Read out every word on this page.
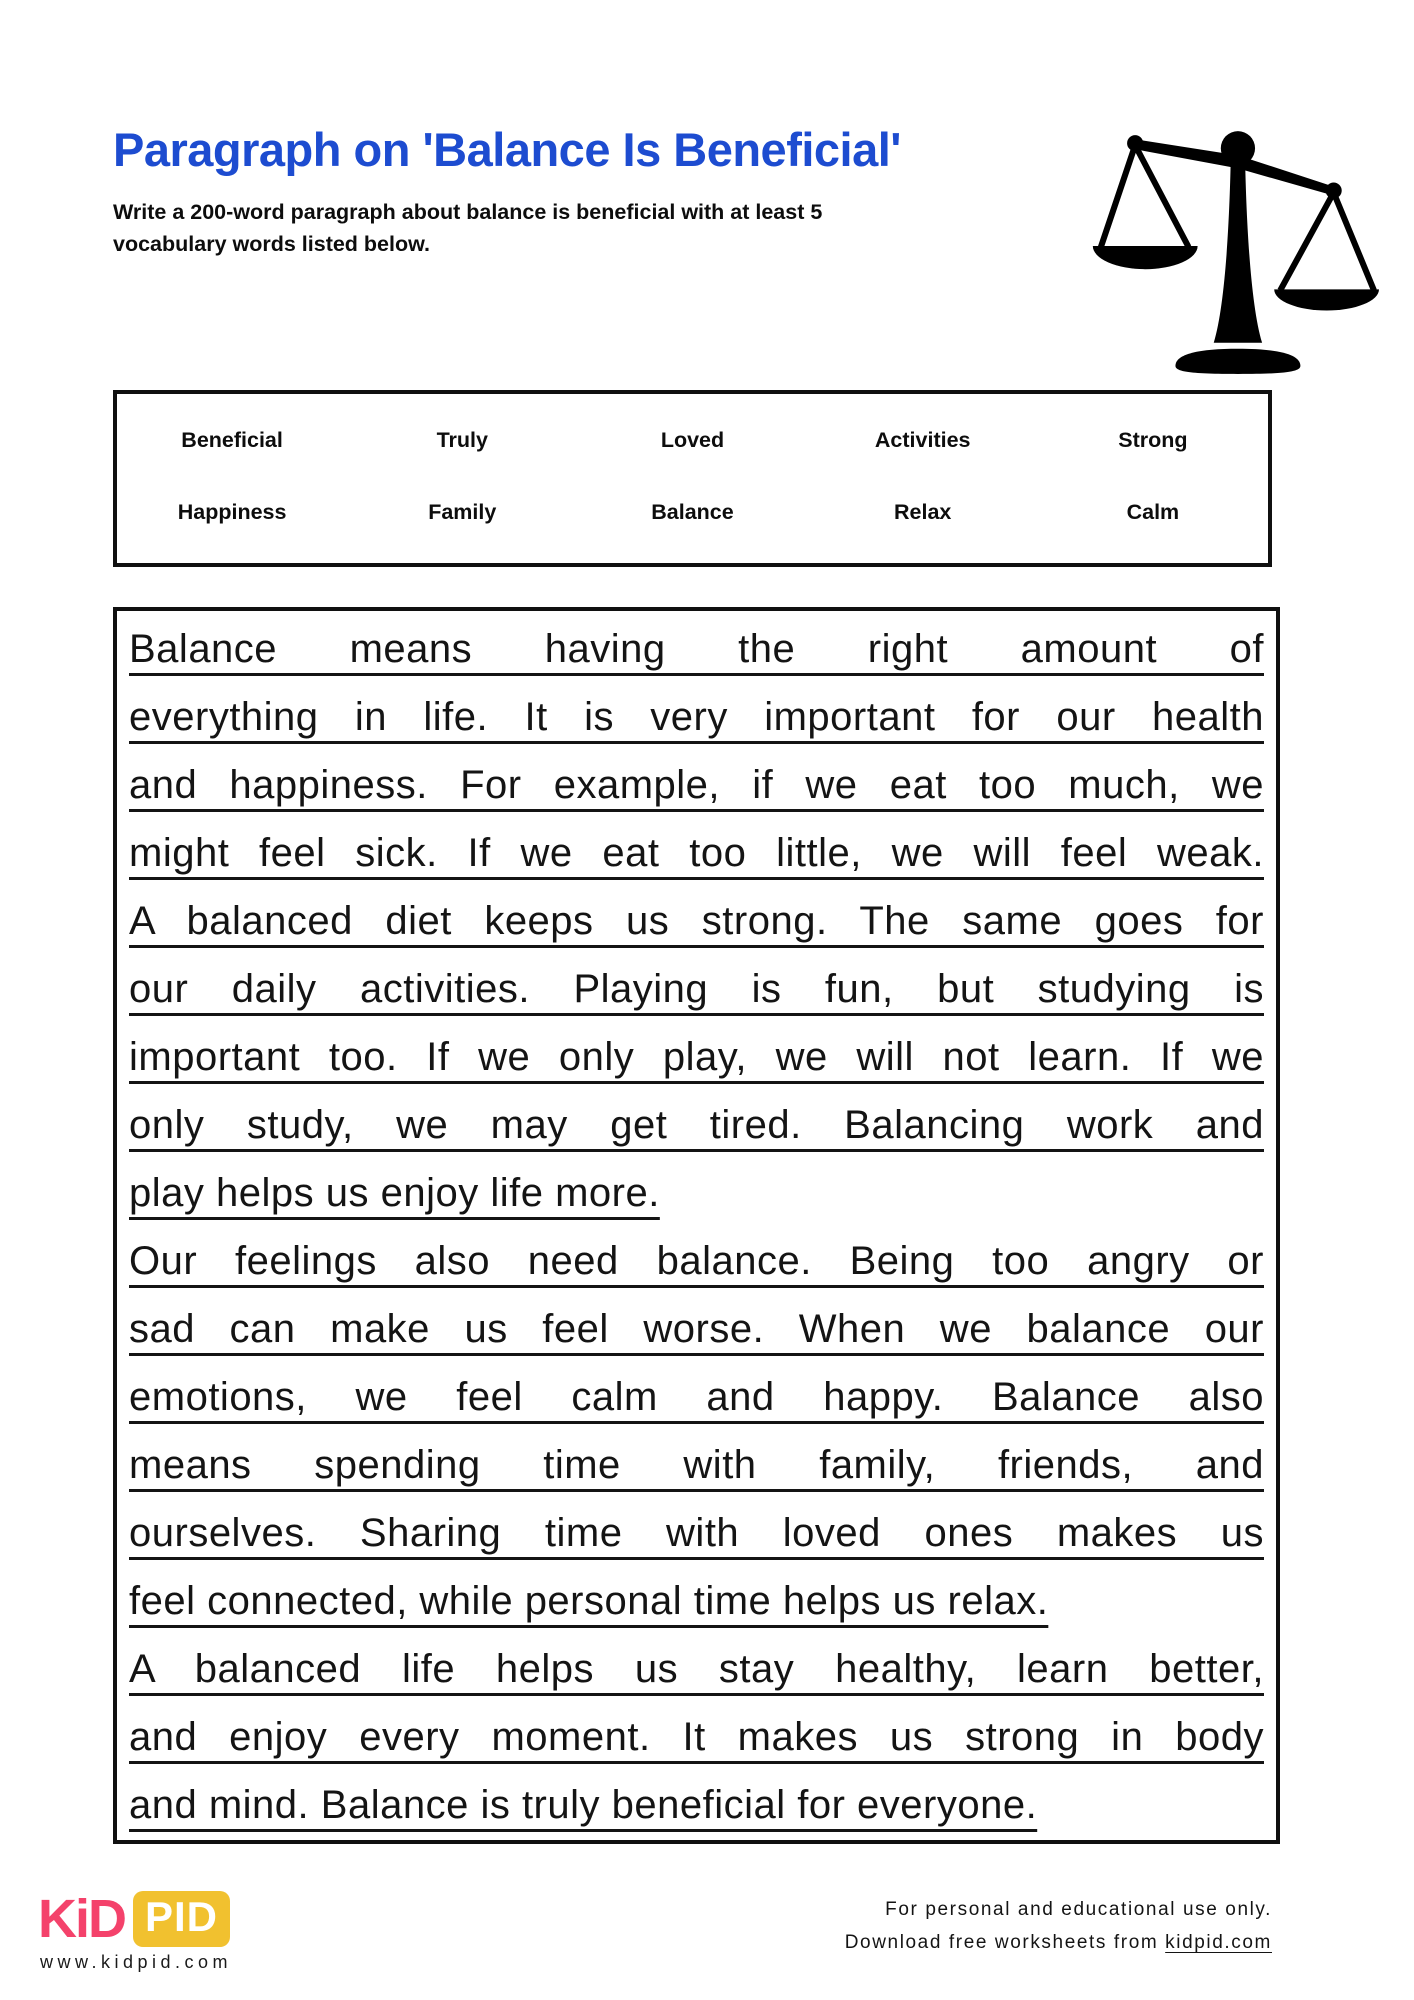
Paragraph on 'Balance Is Beneficial'
Write a 200-word paragraph about balance is beneficial with at least 5 vocabulary words listed below.
Beneficial	Truly	Loved	Activities	Strong
Happiness	Family	Balance	Relax	Calm
Balance means having the right amount of
everything in life. It is very important for our health
and happiness. For example, if we eat too much, we
might feel sick. If we eat too little, we will feel weak.
A balanced diet keeps us strong. The same goes for
our daily activities. Playing is fun, but studying is
important too. If we only play, we will not learn. If we
only study, we may get tired. Balancing work and
play helps us enjoy life more.
Our feelings also need balance. Being too angry or
sad can make us feel worse. When we balance our
emotions, we feel calm and happy. Balance also
means spending time with family, friends, and
ourselves. Sharing time with loved ones makes us
feel connected, while personal time helps us relax.
A balanced life helps us stay healthy, learn better,
and enjoy every moment. It makes us strong in body
and mind. Balance is truly beneficial for everyone.
KiD PID
www.kidpid.com
For personal and educational use only.
Download free worksheets from kidpid.com
